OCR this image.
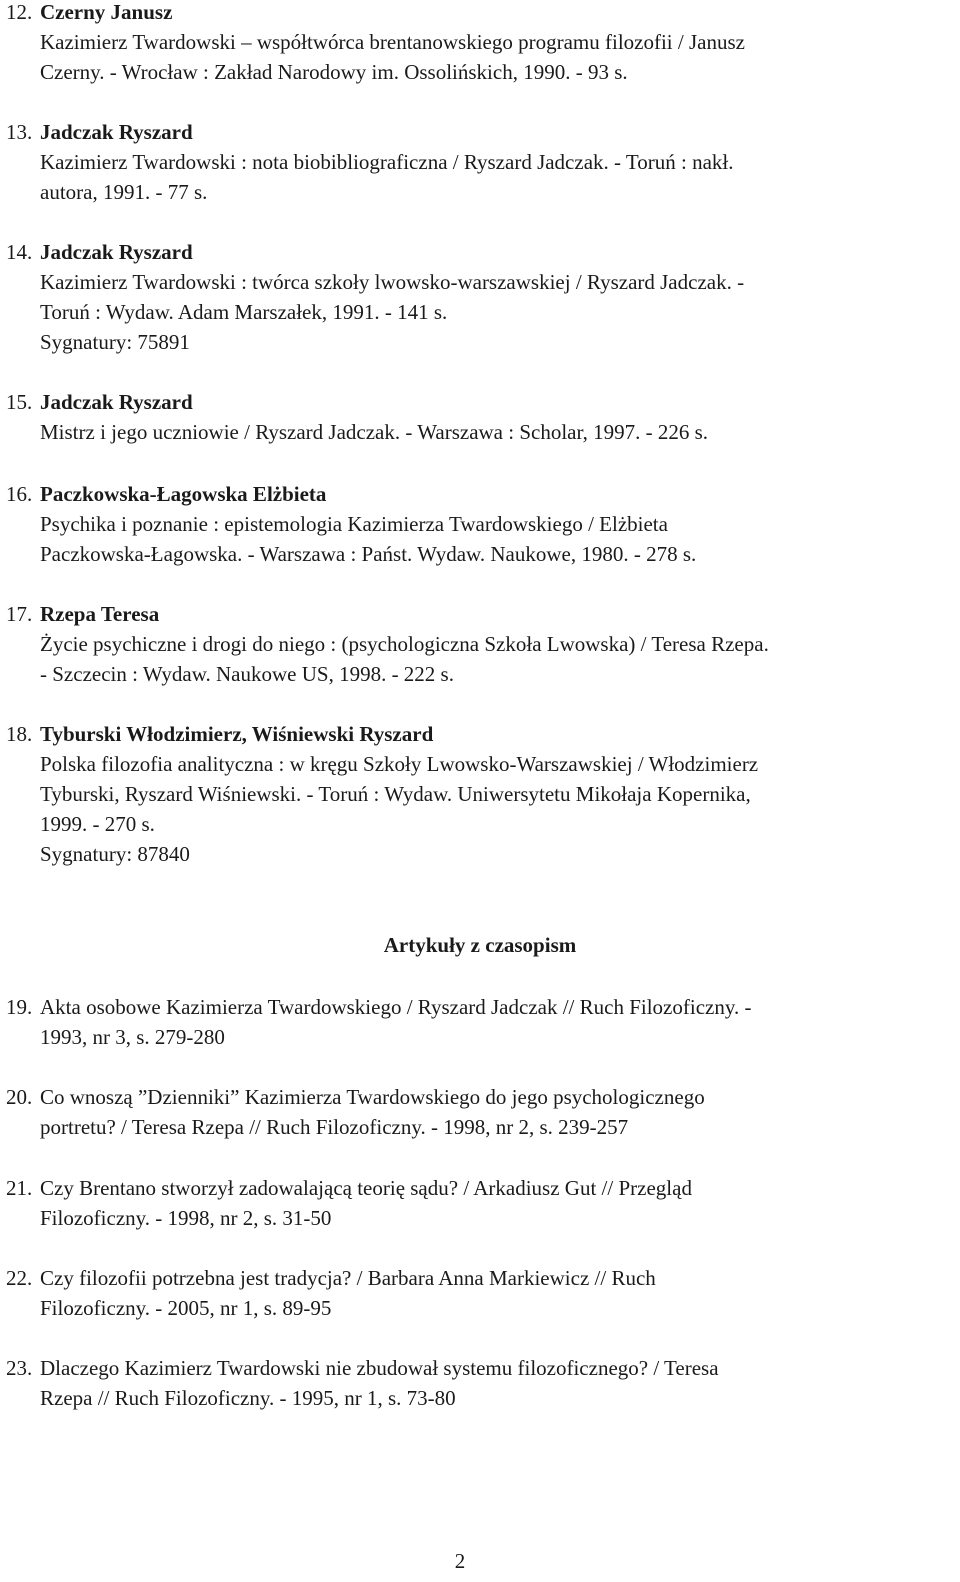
12. Czerny Janusz
Kazimierz Twardowski – współtwórca brentanowskiego programu filozofii / Janusz
Czerny. - Wrocław : Zakład Narodowy im. Ossolińskich, 1990. - 93 s.
13. Jadczak Ryszard
Kazimierz Twardowski : nota biobibliograficzna / Ryszard Jadczak. - Toruń : nakł.
autora, 1991. - 77 s.
14. Jadczak Ryszard
Kazimierz Twardowski : twórca szkoły lwowsko-warszawskiej / Ryszard Jadczak. -
Toruń : Wydaw. Adam Marszałek, 1991. - 141 s.
Sygnatury: 75891
15. Jadczak Ryszard
Mistrz i jego uczniowie / Ryszard Jadczak. - Warszawa : Scholar, 1997. - 226 s.
16. Paczkowska-Łagowska Elżbieta
Psychika i poznanie : epistemologia Kazimierza Twardowskiego / Elżbieta
Paczkowska-Łagowska. - Warszawa : Państ. Wydaw. Naukowe, 1980. - 278 s.
17. Rzepa Teresa
Życie psychiczne i drogi do niego : (psychologiczna Szkoła Lwowska) / Teresa Rzepa.
- Szczecin : Wydaw. Naukowe US, 1998. - 222 s.
18. Tyburski Włodzimierz, Wiśniewski Ryszard
Polska filozofia analityczna : w kręgu Szkoły Lwowsko-Warszawskiej / Włodzimierz
Tyburski, Ryszard Wiśniewski. - Toruń : Wydaw. Uniwersytetu Mikołaja Kopernika,
1999. - 270 s.
Sygnatury: 87840
Artykuły z czasopism
19. Akta osobowe Kazimierza Twardowskiego / Ryszard Jadczak // Ruch Filozoficzny. -
1993, nr 3, s. 279-280
20. Co wnoszą ”Dzienniki” Kazimierza Twardowskiego do jego psychologicznego
portretu? / Teresa Rzepa // Ruch Filozoficzny. - 1998, nr 2, s. 239-257
21. Czy Brentano stworzył zadowalającą teorię sądu? / Arkadiusz Gut // Przegląd
Filozoficzny. - 1998, nr 2, s. 31-50
22. Czy filozofii potrzebna jest tradycja? / Barbara Anna Markiewicz // Ruch
Filozoficzny. - 2005, nr 1, s. 89-95
23. Dlaczego Kazimierz Twardowski nie zbudował systemu filozoficznego? / Teresa
Rzepa // Ruch Filozoficzny. - 1995, nr 1, s. 73-80
2
